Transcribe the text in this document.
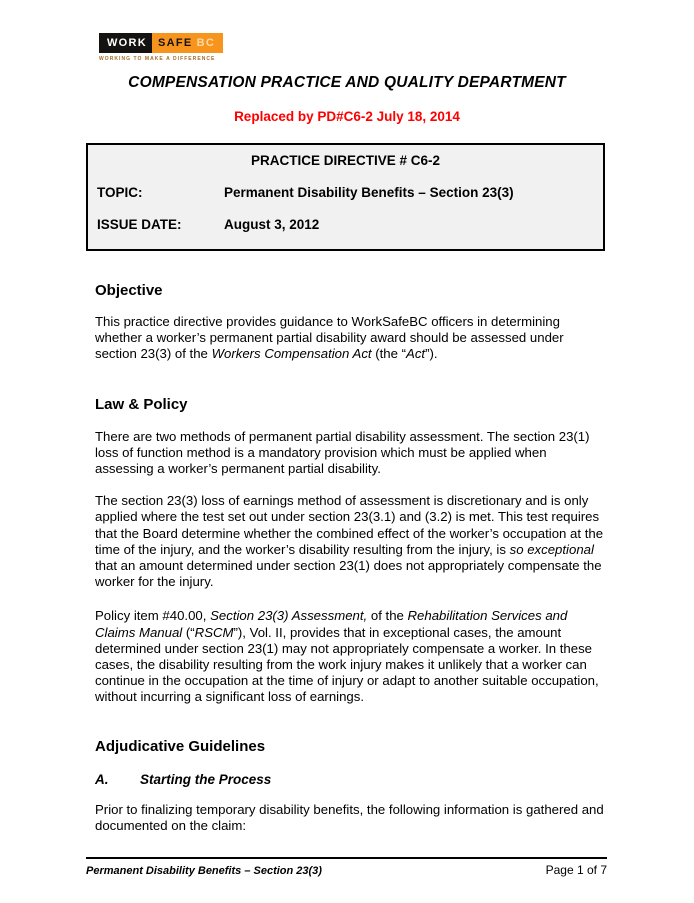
WORK	SAFE BC
WORKING TO MAKE A DIFFERENCE
COMPENSATION PRACTICE AND QUALITY DEPARTMENT
Replaced by PD#C6-2 July 18, 2014
PRACTICE DIRECTIVE # C6-2
TOPIC:	Permanent Disability Benefits – Section 23(3)
ISSUE DATE:	August 3, 2012
Objective

This practice directive provides guidance to WorkSafeBC officers in determining whether a worker’s permanent partial disability award should be assessed under section 23(3) of the Workers Compensation Act (the “Act”).

Law & Policy

There are two methods of permanent partial disability assessment. The section 23(1) loss of function method is a mandatory provision which must be applied when assessing a worker’s permanent partial disability.

The section 23(3) loss of earnings method of assessment is discretionary and is only applied where the test set out under section 23(3.1) and (3.2) is met. This test requires that the Board determine whether the combined effect of the worker’s occupation at the time of the injury, and the worker’s disability resulting from the injury, is so exceptional that an amount determined under section 23(1) does not appropriately compensate the worker for the injury.

Policy item #40.00, Section 23(3) Assessment, of the Rehabilitation Services and Claims Manual (“RSCM”), Vol. II, provides that in exceptional cases, the amount determined under section 23(1) may not appropriately compensate a worker. In these cases, the disability resulting from the work injury makes it unlikely that a worker can continue in the occupation at the time of injury or adapt to another suitable occupation, without incurring a significant loss of earnings.

Adjudicative Guidelines
A.	Starting the Process

Prior to finalizing temporary disability benefits, the following information is gathered and documented on the claim:

Permanent Disability Benefits – Section 23(3)	Page 1 of 7
